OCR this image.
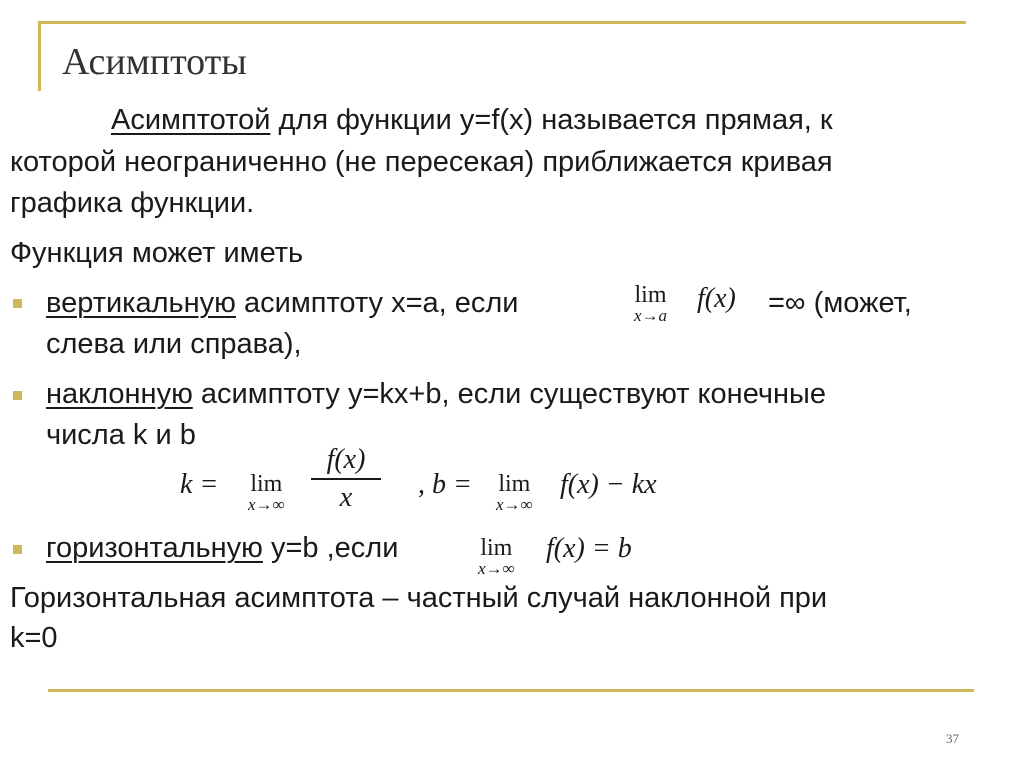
Асимптоты
Асимптотой для функции y=f(x) называется прямая, к
которой неограниченно (не пересекая) приближается кривая
графика функции.
Функция может иметь
вертикальную асимптоту x=a, если	lim
x→a
f(x) =∞ (может,
слева или справа),
наклонную асимптоту y=kx+b, если существуют конечные
числа k и b
k = lim
x→∞
f(x)
x	, b = lim
x→∞
f(x) − kx
горизонтальную y=b ,если	lim
x→∞
f(x) = b
Горизонтальная асимптота – частный случай наклонной при
k=0
37
